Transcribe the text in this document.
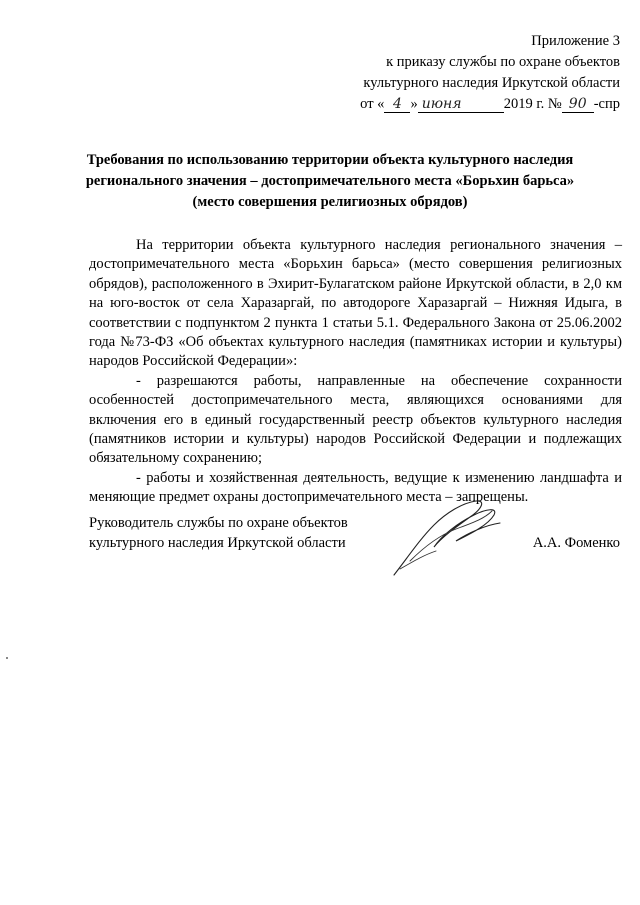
Приложение 3
к приказу службы по охране объектов
культурного наследия Иркутской области
от « 4 » июня	2019 г. № 90 -спр
Требования по использованию территории объекта культурного наследия
регионального значения – достопримечательного места «Борьхин барьса»
(место совершения религиозных обрядов)

На территории объекта культурного наследия регионального значения – достопримечательного места «Борьхин барьса» (место совершения религиозных обрядов), расположенного в Эхирит-Булагатском районе Иркутской области, в 2,0 км на юго-восток от села Харазаргай, по автодороге Харазаргай – Нижняя Идыга, в соответствии с подпунктом 2 пункта 1 статьи 5.1. Федерального Закона от 25.06.2002 года №73-ФЗ «Об объектах культурного наследия (памятниках истории и культуры) народов Российской Федерации»:

- разрешаются работы, направленные на обеспечение сохранности особенностей достопримечательного места, являющихся основаниями для включения его в единый государственный реестр объектов культурного наследия (памятников истории и культуры) народов Российской Федерации и подлежащих обязательному сохранению;

- работы и хозяйственная деятельность, ведущие к изменению ландшафта и меняющие предмет охраны достопримечательного места – запрещены.

Руководитель службы по охране объектов
культурного наследия Иркутской области	А.А. Фоменко
